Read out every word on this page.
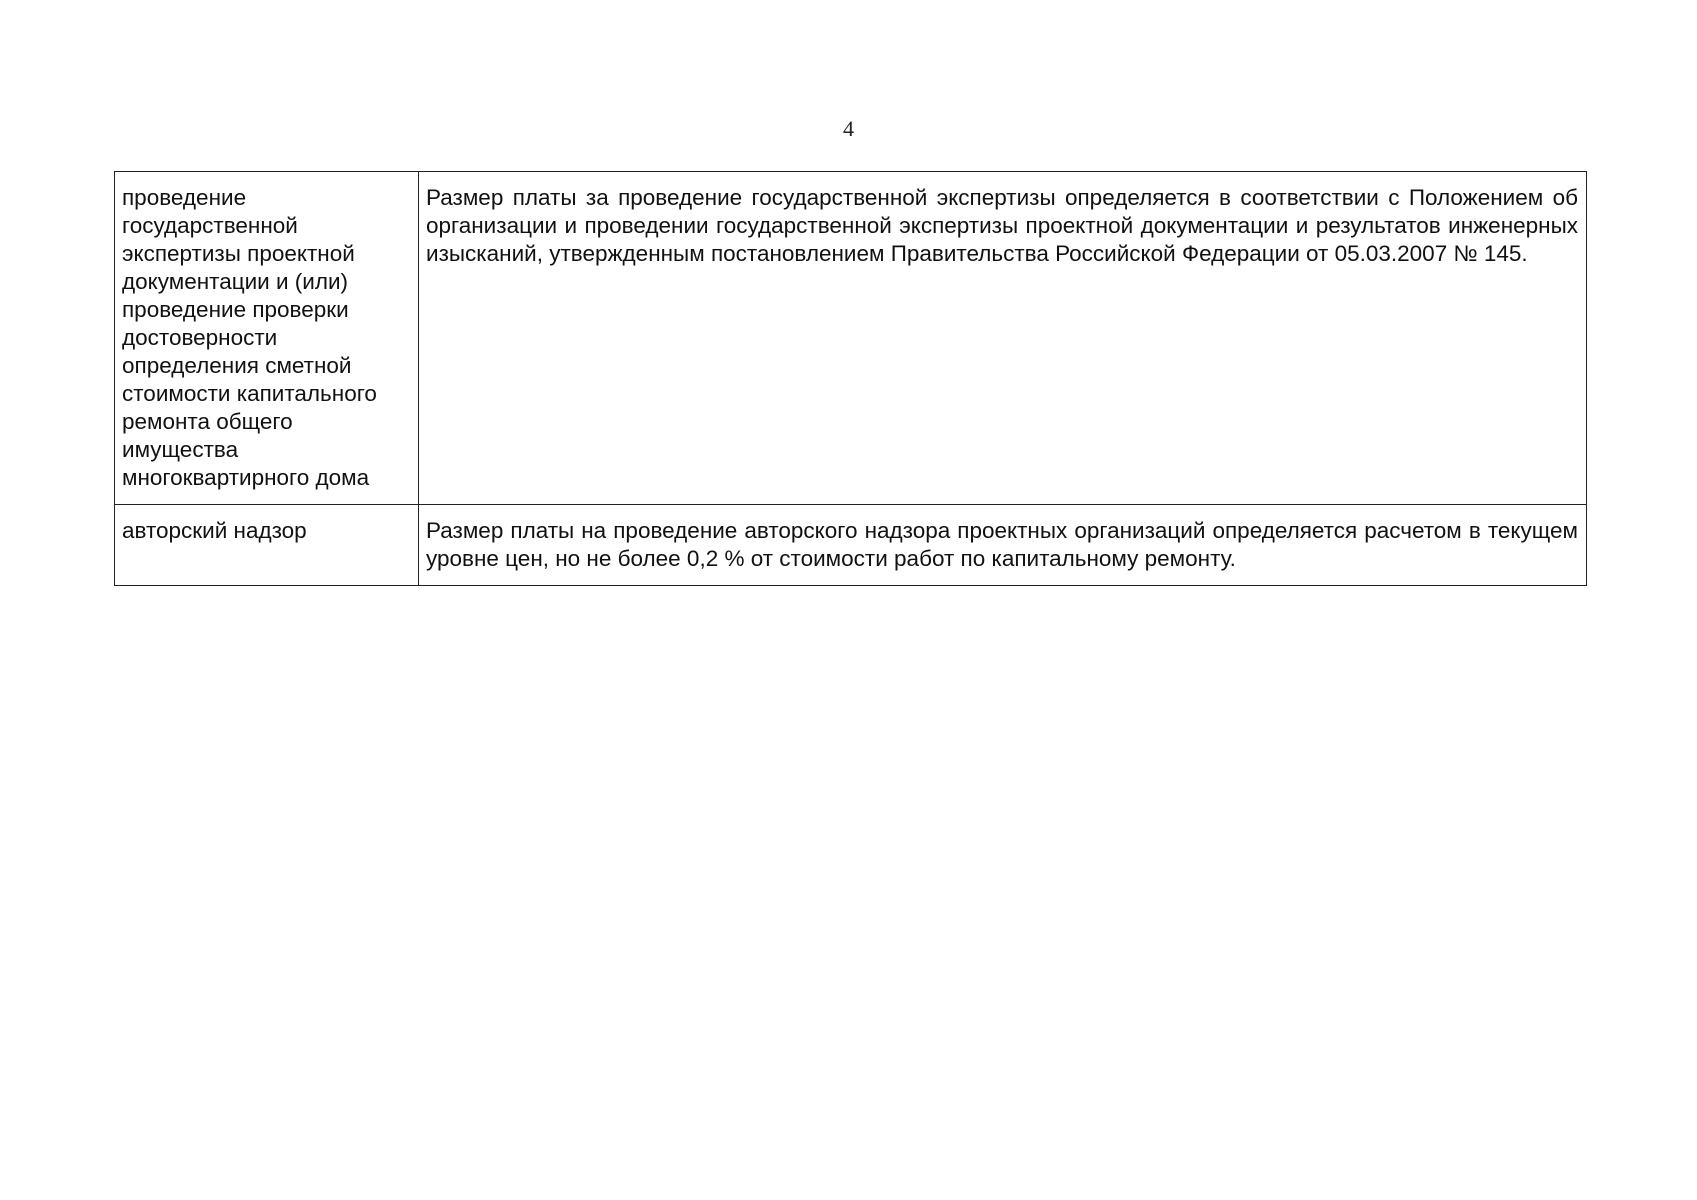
4
проведение государственной экспертизы проектной документации и (или) проведение проверки достоверности определения сметной стоимости капитального ремонта общего имущества многоквартирного дома	Размер платы за проведение государственной экспертизы определяется в соответствии с Положением об организации и проведении государственной экспертизы проектной документации и результатов инженерных изысканий, утвержденным постановлением Правительства Российской Федерации от 05.03.2007 № 145.
авторский надзор	Размер платы на проведение авторского надзора проектных организаций определяется расчетом в текущем уровне цен, но не более 0,2 % от стоимости работ по капитальному ремонту.
